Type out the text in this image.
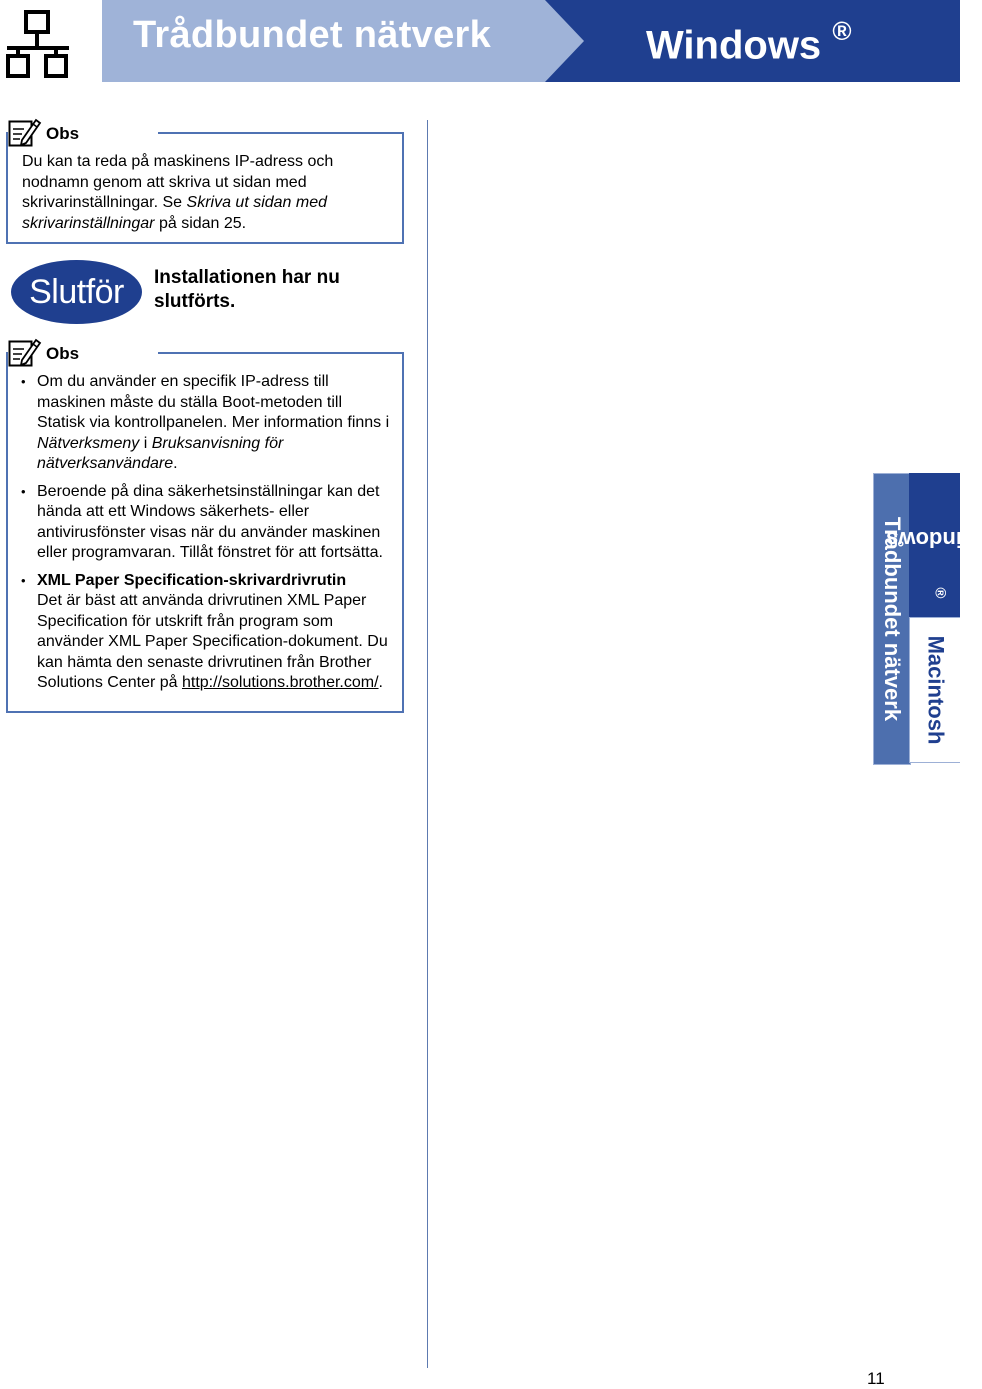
Trådbundet nätverk	Windows ®
Obs
Du kan ta reda på maskinens IP-adress och nodnamn genom att skriva ut sidan med skrivarinställningar. Se Skriva ut sidan med skrivarinställningar på sidan 25.
Slutför	Installationen har nu slutförts.
Obs
• Om du använder en specifik IP-adress till maskinen måste du ställa Boot-metoden till Statisk via kontrollpanelen. Mer information finns i Nätverksmeny i Bruksanvisning för nätverksanvändare.
• Beroende på dina säkerhetsinställningar kan det hända att ett Windows säkerhets- eller antivirusfönster visas när du använder maskinen eller programvaran. Tillåt fönstret för att fortsätta.
• XML Paper Specification-skrivardrivrutin
Det är bäst att använda drivrutinen XML Paper Specification för utskrift från program som använder XML Paper Specification-dokument. Du kan hämta den senaste drivrutinen från Brother Solutions Center på http://solutions.brother.com/.	Trådbundet nätverk
Windows®
Macintosh
11
